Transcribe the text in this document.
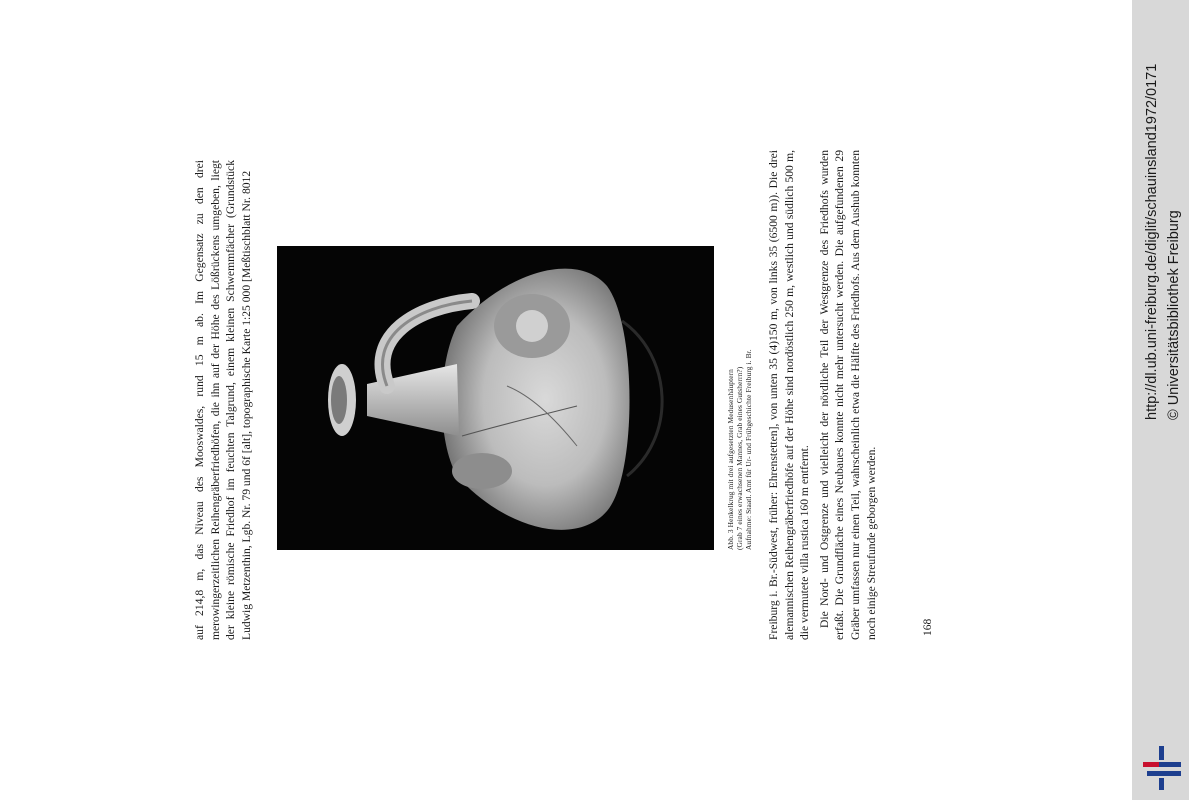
auf 214,8 m, das Niveau des Mooswaldes, rund 15 m ab. Im Gegensatz zu den drei merowingerzeitlichen Reihengräberfriedhöfen, die ihn auf der Höhe des Lößrückens umgeben, liegt der kleine römische Friedhof im feuchten Talgrund, einem kleinen Schwemmfächer (Grundstück Ludwig Metzenthin, Lgb. Nr. 79 und 6f [alt], topographische Karte 1:25 000 [Meßtischblatt Nr. 8012	Abb. 3 Henkelkrug mit drei aufgesetzten Medusenhäuptern (Grab 7 eines erwachsenen Mannes, Grab eines Gutsherrn?) Aufnahme: Staatl. Amt für Ur- und Frühgeschichte Freiburg i. Br. Freiburg i. Br.-Südwest, früher: Ehrenstetten], von unten 35 (4)150 m, von links 35 (6500 m)). Die drei alemannischen Reihengräberfriedhöfe auf der Höhe sind nordöstlich 250 m, westlich und südlich 500 m, die vermutete villa rustica 160 m entfernt. Die Nord- und Ostgrenze und vielleicht der nördliche Teil der Westgrenze des Friedhofs wurden erfaßt. Die Grundfläche eines Neubaues konnte nicht mehr untersucht werden. Die aufgefundenen 29 Gräber umfassen nur einen Teil, wahrscheinlich etwa die Hälfte des Friedhofs. Aus dem Aushub konnten noch einige Streufunde geborgen werden.	168
http://dl.ub.uni-freiburg.de/diglit/schauinsland1972/0171 © Universitätsbibliothek Freiburg
